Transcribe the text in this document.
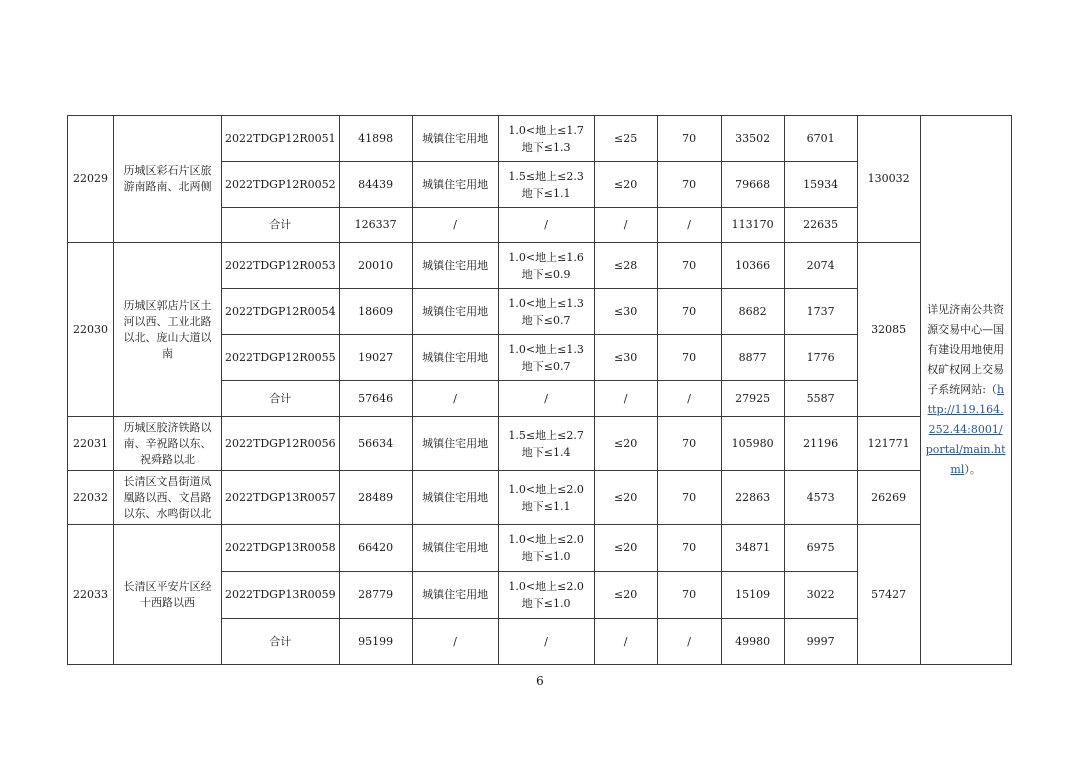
22029	历城区彩石片区旅游南路南、北两侧	2022TDGP12R0051	41898	城镇住宅用地	1.0<地上≤1.7
地下≤1.3	≤25	70	33502	6701	130032	详见济南公共资源交易中心—国有建设用地使用权矿权网上交易子系统网站:（http://119.164.252.44:8001/portal/main.html）。
		2022TDGP12R0052	84439	城镇住宅用地	1.5≤地上≤2.3
地下≤1.1	≤20	70	79668	15934		
		合计	126337	/	/	/	/	113170	22635		
22030	历城区郭店片区土河以西、工业北路以北、庞山大道以南	2022TDGP12R0053	20010	城镇住宅用地	1.0<地上≤1.6
地下≤0.9	≤28	70	10366	2074	32085	
		2022TDGP12R0054	18609	城镇住宅用地	1.0<地上≤1.3
地下≤0.7	≤30	70	8682	1737		
		2022TDGP12R0055	19027	城镇住宅用地	1.0<地上≤1.3
地下≤0.7	≤30	70	8877	1776		
		合计	57646	/	/	/	/	27925	5587		
22031	历城区胶济铁路以南、辛祝路以东、祝舜路以北	2022TDGP12R0056	56634	城镇住宅用地	1.5≤地上≤2.7
地下≤1.4	≤20	70	105980	21196	121771	
22032	长清区文昌街道凤凰路以西、文昌路以东、水鸣街以北	2022TDGP13R0057	28489	城镇住宅用地	1.0<地上≤2.0
地下≤1.1	≤20	70	22863	4573	26269	
22033	长清区平安片区经十西路以西	2022TDGP13R0058	66420	城镇住宅用地	1.0<地上≤2.0
地下≤1.0	≤20	70	34871	6975	57427	
		2022TDGP13R0059	28779	城镇住宅用地	1.0<地上≤2.0
地下≤1.0	≤20	70	15109	3022		
		合计	95199	/	/	/	/	49980	9997		
6
